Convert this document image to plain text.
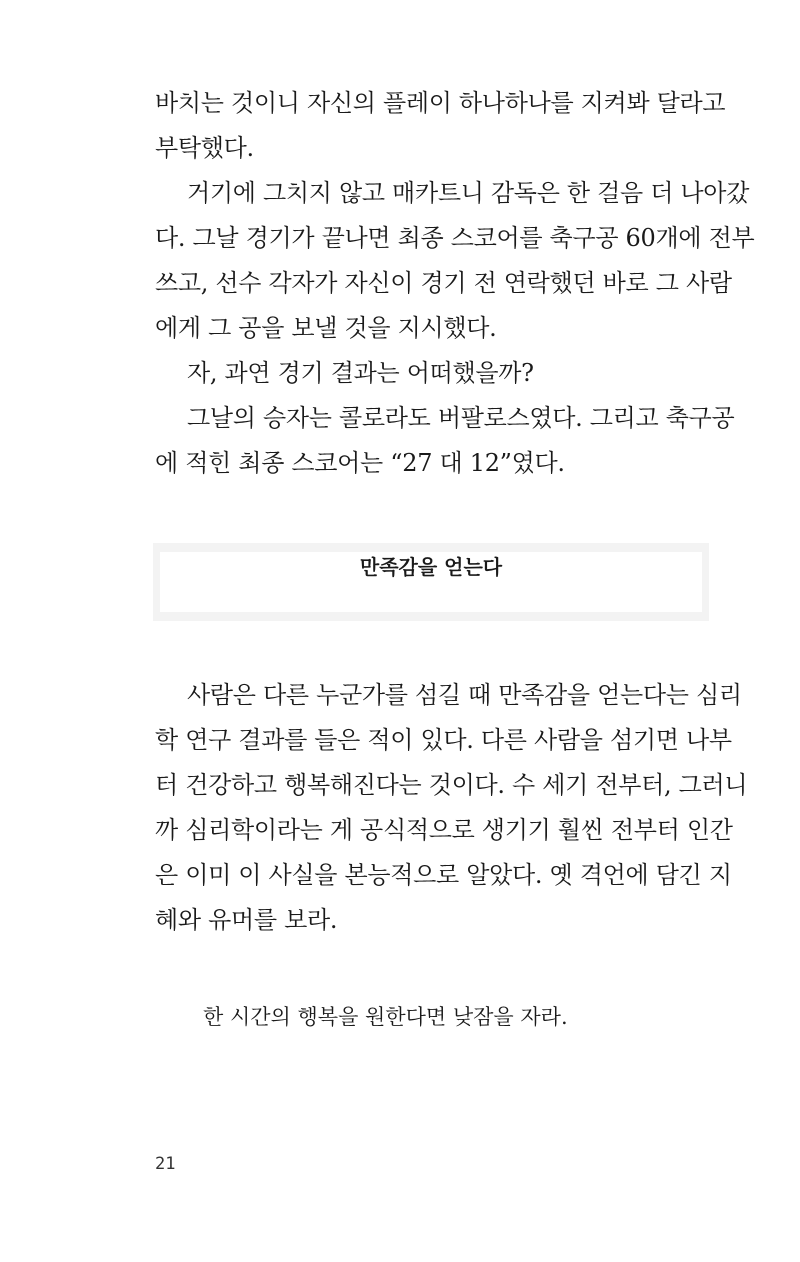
바치는 것이니 자신의 플레이 하나하나를 지켜봐 달라고
부탁했다.
거기에 그치지 않고 매카트니 감독은 한 걸음 더 나아갔
다. 그날 경기가 끝나면 최종 스코어를 축구공 60개에 전부
쓰고, 선수 각자가 자신이 경기 전 연락했던 바로 그 사람
에게 그 공을 보낼 것을 지시했다.
자, 과연 경기 결과는 어떠했을까?
그날의 승자는 콜로라도 버팔로스였다. 그리고 축구공
에 적힌 최종 스코어는 “27 대 12”였다.
만족감을 얻는다
사람은 다른 누군가를 섬길 때 만족감을 얻는다는 심리
학 연구 결과를 들은 적이 있다. 다른 사람을 섬기면 나부
터 건강하고 행복해진다는 것이다. 수 세기 전부터, 그러니
까 심리학이라는 게 공식적으로 생기기 훨씬 전부터 인간
은 이미 이 사실을 본능적으로 알았다. 옛 격언에 담긴 지
혜와 유머를 보라.
한 시간의 행복을 원한다면 낮잠을 자라.
21
